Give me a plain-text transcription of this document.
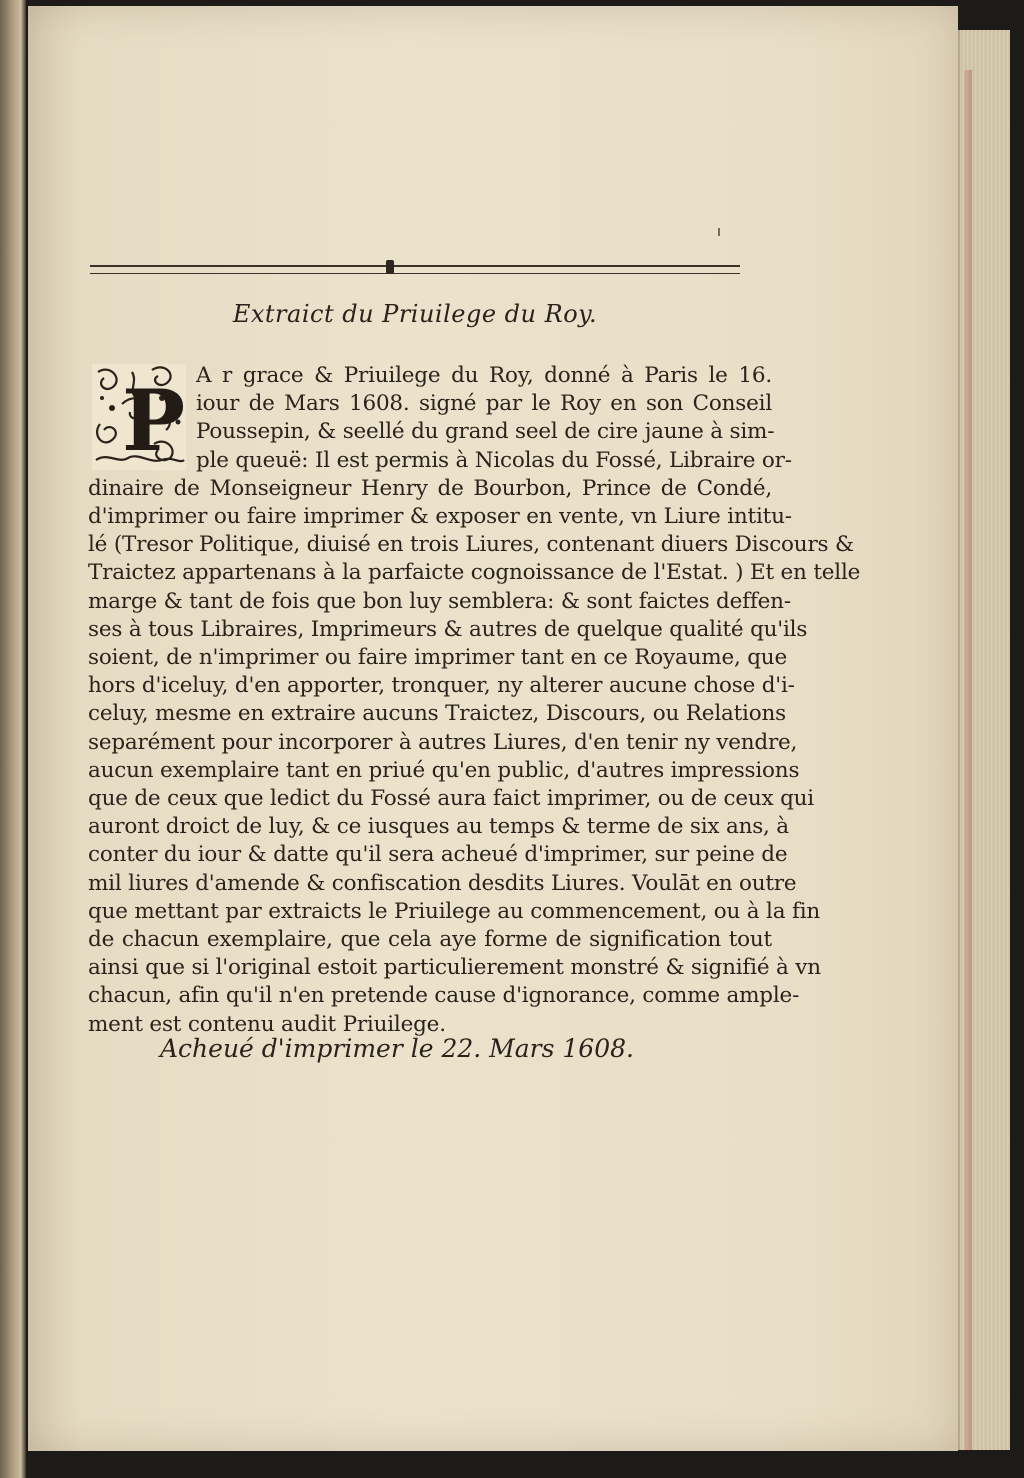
Extraict du Priuilege du Roy.
P A r grace & Priuilege du Roy, donné à Paris le 16.
iour de Mars 1608. signé par le Roy en son Conseil
Poussepin, & seellé du grand seel de cire jaune à sim-
ple queuë: Il est permis à Nicolas du Fossé, Libraire or-
dinaire de Monseigneur Henry de Bourbon, Prince de Condé,
d'imprimer ou faire imprimer & exposer en vente, vn Liure intitu-
lé (Tresor Politique, diuisé en trois Liures, contenant diuers Discours &
Traictez appartenans à la parfaicte cognoissance de l'Estat. ) Et en telle
marge & tant de fois que bon luy semblera: & sont faictes deffen-
ses à tous Libraires, Imprimeurs & autres de quelque qualité qu'ils
soient, de n'imprimer ou faire imprimer tant en ce Royaume, que
hors d'iceluy, d'en apporter, tronquer, ny alterer aucune chose d'i-
celuy, mesme en extraire aucuns Traictez, Discours, ou Relations
separément pour incorporer à autres Liures, d'en tenir ny vendre,
aucun exemplaire tant en priué qu'en public, d'autres impressions
que de ceux que ledict du Fossé aura faict imprimer, ou de ceux qui
auront droict de luy, & ce iusques au temps & terme de six ans, à
conter du iour & datte qu'il sera acheué d'imprimer, sur peine de
mil liures d'amende & confiscation desdits Liures. Voulāt en outre
que mettant par extraicts le Priuilege au commencement, ou à la fin
de chacun exemplaire, que cela aye forme de signification tout
ainsi que si l'original estoit particulierement monstré & signifié à vn
chacun, afin qu'il n'en pretende cause d'ignorance, comme ample-
ment est contenu audit Priuilege.
Acheué d'imprimer le 22. Mars 1608.
